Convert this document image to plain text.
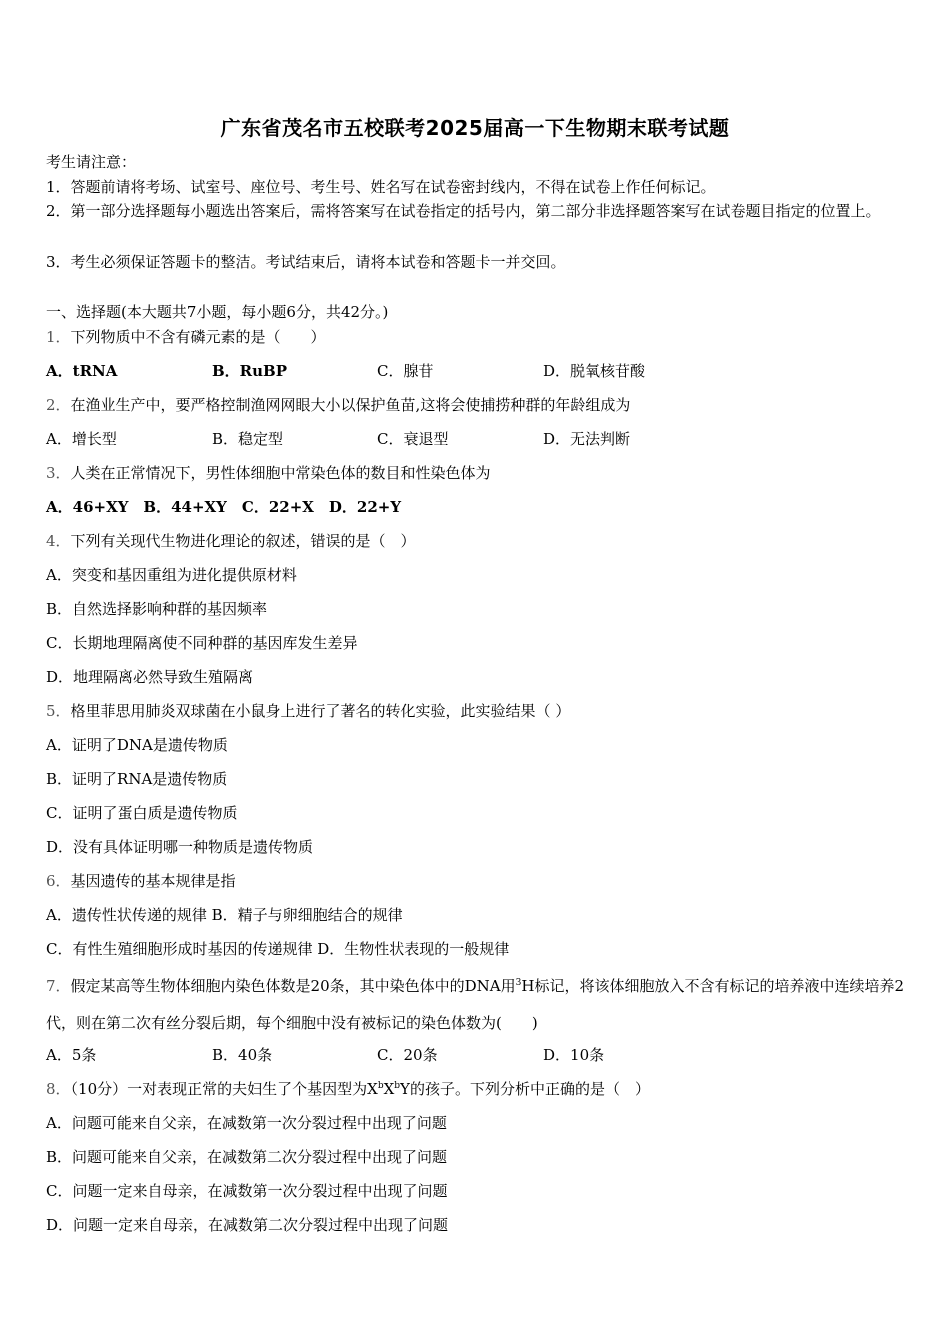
广东省茂名市五校联考2025届高一下生物期末联考试题
考生请注意：
1．答题前请将考场、试室号、座位号、考生号、姓名写在试卷密封线内，不得在试卷上作任何标记。
2．第一部分选择题每小题选出答案后，需将答案写在试卷指定的括号内，第二部分非选择题答案写在试卷题目指定的位置上。
3．考生必须保证答题卡的整洁。考试结束后，请将本试卷和答题卡一并交回。
一、选择题(本大题共7小题，每小题6分，共42分。)
1．下列物质中不含有磷元素的是（　　）
A．tRNA	B．RuBP	C．腺苷	D．脱氧核苷酸
2．在渔业生产中，要严格控制渔网网眼大小以保护鱼苗,这将会使捕捞种群的年龄组成为
A．增长型	B．稳定型	C．衰退型	D．无法判断
3．人类在正常情况下，男性体细胞中常染色体的数目和性染色体为
A．46+XY　B．44+XY　C．22+X　D．22+Y
4．下列有关现代生物进化理论的叙述，错误的是（　）
A．突变和基因重组为进化提供原材料
B．自然选择影响种群的基因频率
C．长期地理隔离使不同种群的基因库发生差异
D．地理隔离必然导致生殖隔离
5．格里菲思用肺炎双球菌在小鼠身上进行了著名的转化实验，此实验结果（ ）
A．证明了DNA是遗传物质
B．证明了RNA是遗传物质
C．证明了蛋白质是遗传物质
D．没有具体证明哪一种物质是遗传物质
6．基因遗传的基本规律是指
A．遗传性状传递的规律 B．精子与卵细胞结合的规律
C．有性生殖细胞形成时基因的传递规律 D．生物性状表现的一般规律
7．假定某高等生物体细胞内染色体数是20条，其中染色体中的DNA用$^3$H标记，将该体细胞放入不含有标记的培养液中连续培养2代，则在第二次有丝分裂后期，每个细胞中没有被标记的染色体数为(　　)
A．5条	B．40条	C．20条	D．10条
8．（10分）一对表现正常的夫妇生了个基因型为$X^bX^bY$的孩子。下列分析中正确的是（　）
A．问题可能来自父亲，在减数第一次分裂过程中出现了问题
B．问题可能来自父亲，在减数第二次分裂过程中出现了问题
C．问题一定来自母亲，在减数第一次分裂过程中出现了问题
D．问题一定来自母亲，在减数第二次分裂过程中出现了问题
